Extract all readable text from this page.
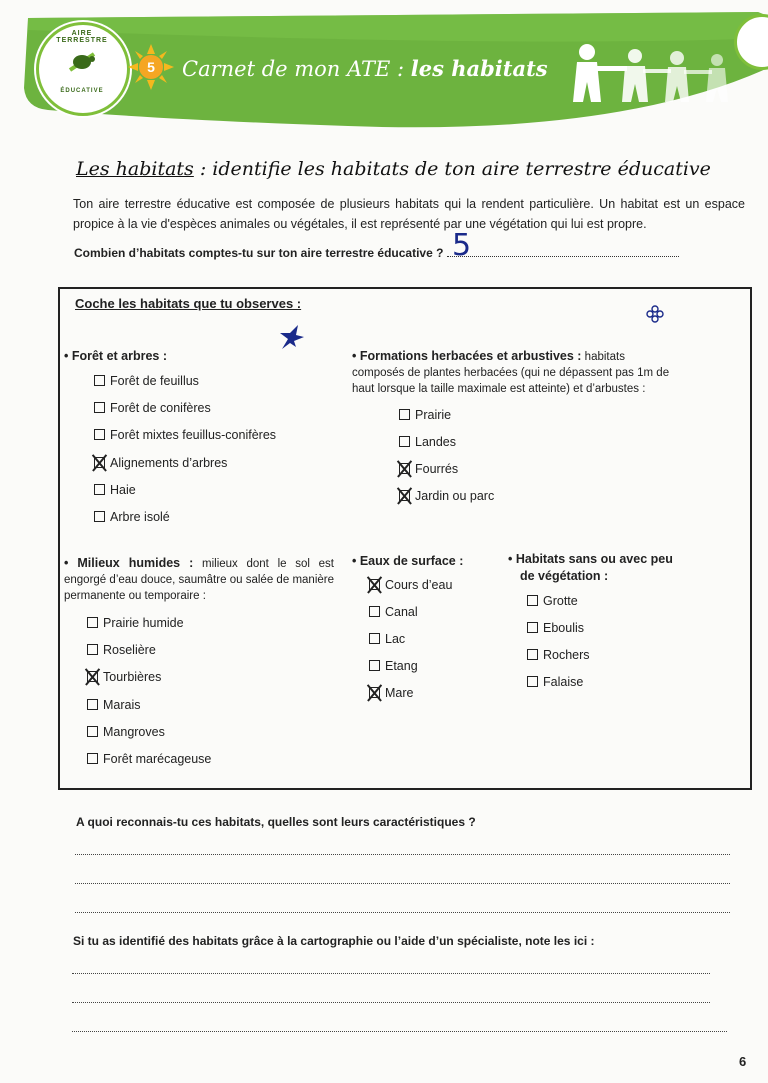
AIRE TERRESTRE
ÉDUCATIVE
5 Carnet de mon ATE : les habitats
Les habitats : identifie les habitats de ton aire terrestre éducative
Ton aire terrestre éducative est composée de plusieurs habitats qui la rendent particulière. Un habitat est un espace propice à la vie d'espèces animales ou végétales, il est représenté par une végétation qui lui est propre.
Combien d’habitats comptes-tu sur ton aire terrestre éducative ? 5
Coche les habitats que tu observes :
• Forêt et arbres :
Forêt de feuillus
Forêt de conifères
Forêt mixtes feuillus-conifères
Alignements d’arbres
Haie
Arbre isolé
• Formations herbacées et arbustives : habitats composés de plantes herbacées (qui ne dépassent pas 1m de haut lorsque la taille maximale est atteinte) et d’arbustes :
Prairie
Landes
Fourrés
Jardin ou parc
• Milieux humides : milieux dont le sol est engorgé d’eau douce, saumâtre ou salée de manière permanente ou temporaire :
Prairie humide
Roselière
Tourbières
Marais
Mangroves
Forêt marécageuse
• Eaux de surface :
Cours d’eau
Canal
Lac
Etang
Mare
• Habitats sans ou avec peu
de végétation :
Grotte
Eboulis
Rochers
Falaise
A quoi reconnais-tu ces habitats, quelles sont leurs caractéristiques ?
Si tu as identifié des habitats grâce à la cartographie ou l’aide d’un spécialiste, note les ici :
6
